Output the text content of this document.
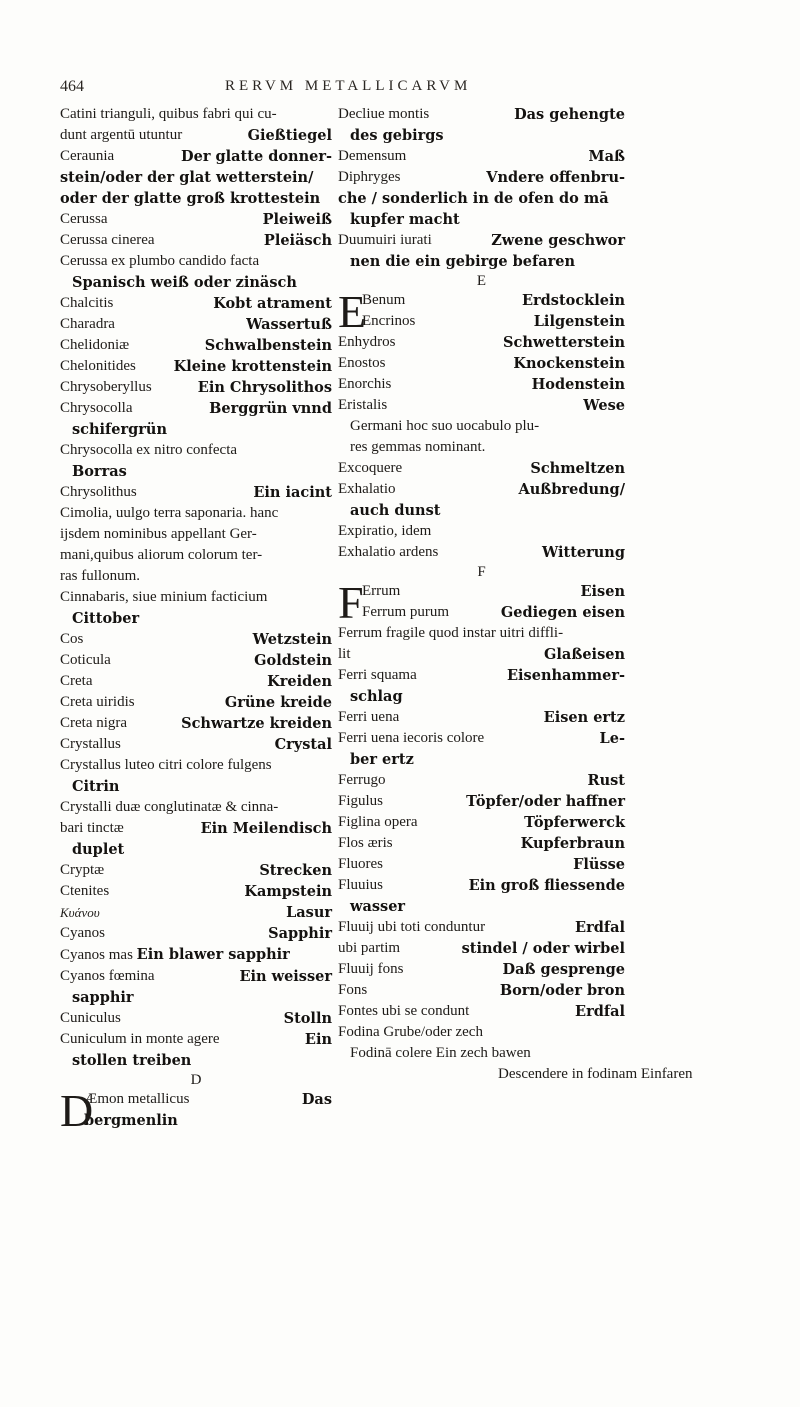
464	RERVM METALLICARVM
Catini trianguli, quibus fabri qui cu-
dunt argentū utuntur	Gießtiegel
Ceraunia	Der glatte donner-
stein/oder der glat wetterstein/
oder der glatte groß krottestein
Cerussa	Pleiweiß
Cerussa cinerea	Pleiäsch
Cerussa ex plumbo candido facta
Spanisch weiß oder zinäsch
Chalcitis	Kobt atrament
Charadra	Wassertuß
Chelidoniæ	Schwalbenstein
Chelonitides	Kleine krottenstein
Chrysoberyllus	Ein Chrysolithos
Chrysocolla	Berggrün vnnd
schifergrün
Chrysocolla ex nitro confecta
Borras
Chrysolithus	Ein iacint
Cimolia, uulgo terra saponaria. hanc
ijsdem nominibus appellant Ger-
mani,quibus aliorum colorum ter-
ras fullonum.
Cinnabaris, siue minium facticium
Cittober
Cos	Wetzstein
Coticula	Goldstein
Creta	Kreiden
Creta uiridis	Grüne kreide
Creta nigra	Schwartze kreiden
Crystallus	Crystal
Crystallus luteo citri colore fulgens
Citrin
Crystalli duæ conglutinatæ & cinna-
bari tinctæ	Ein Meilendisch
duplet
Cryptæ	Strecken
Ctenites	Kampstein
Κυάνου	Lasur
Cyanos	Sapphir
Cyanos mas Ein blawer sapphir
Cyanos fœmina	Ein weisser
sapphir
Cuniculus	Stolln
Cuniculum in monte agere	Ein
stollen treiben
D
D
Æmon metallicus	Das
bergmenlin
Decliue montis	Das gehengte
des gebirgs
Demensum	Maß
Diphryges	Vndere offenbru-
che / sonderlich in de ofen do mā
kupfer macht
Duumuiri iurati	Zwene geschwor
nen die ein gebirge befaren
E
E
Benum	Erdstocklein
Encrinos	Lilgenstein
Enhydros	Schwetterstein
Enostos	Knockenstein
Enorchis	Hodenstein
Eristalis	Wese
Germani hoc suo uocabulo plu-
res gemmas nominant.
Excoquere	Schmeltzen
Exhalatio	Außbredung/
auch dunst
Expiratio, idem
Exhalatio ardens	Witterung
F
F
Errum	Eisen
Ferrum purum	Gediegen eisen
Ferrum fragile quod instar uitri diffli-
lit	Glaßeisen
Ferri squama	Eisenhammer-
schlag
Ferri uena	Eisen ertz
Ferri uena iecoris colore	Le-
ber ertz
Ferrugo	Rust
Figulus	Töpfer/oder haffner
Figlina opera	Töpferwerck
Flos æris	Kupferbraun
Fluores	Flüsse
Fluuius	Ein groß fliessende
wasser
Fluuij ubi toti conduntur	Erdfal
ubi partim	stindel / oder wirbel
Fluuij fons	Daß gesprenge
Fons	Born/oder bron
Fontes ubi se condunt	Erdfal
Fodina Grube/oder zech
Fodinā colere Ein zech bawen
Descendere in fodinam Einfaren
